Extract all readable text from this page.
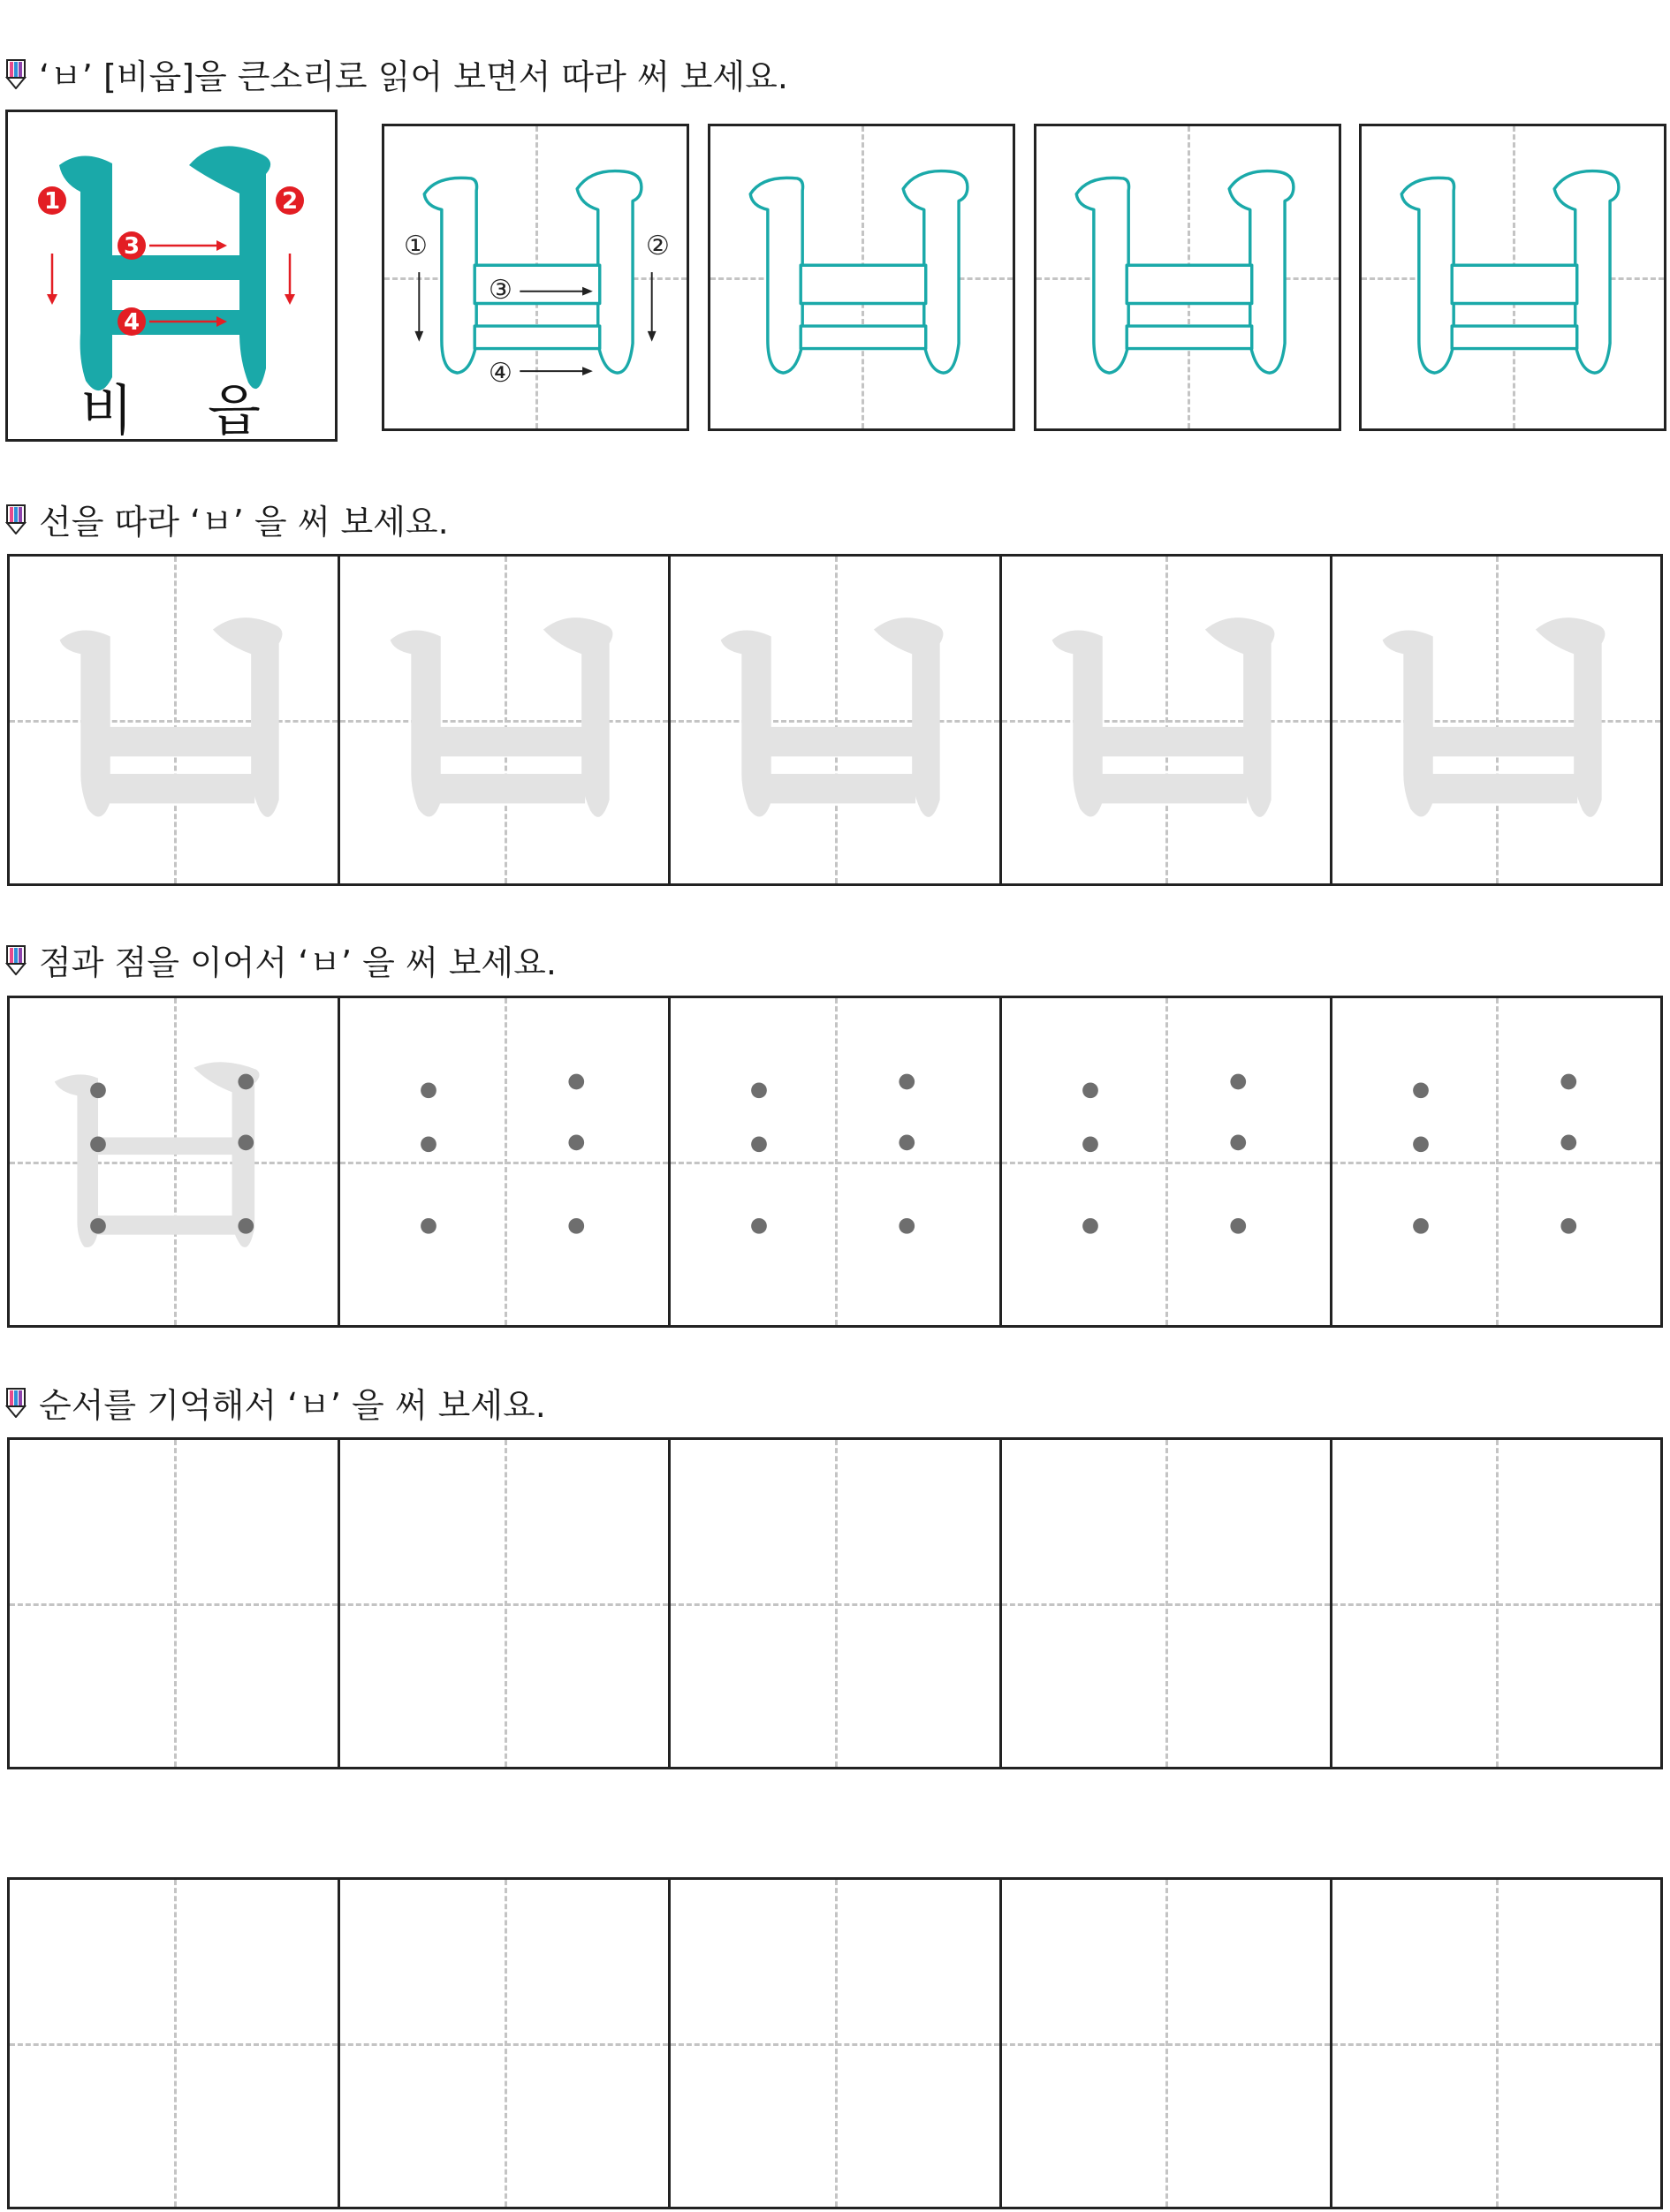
‘ㅂ’ [비읍]을 큰소리로 읽어 보면서 따라 써 보세요.
1	2
3
4
비 읍
①	②
③
④
선을 따라 ‘ㅂ’ 을 써 보세요.
점과 점을 이어서 ‘ㅂ’ 을 써 보세요.
순서를 기억해서 ‘ㅂ’ 을 써 보세요.
